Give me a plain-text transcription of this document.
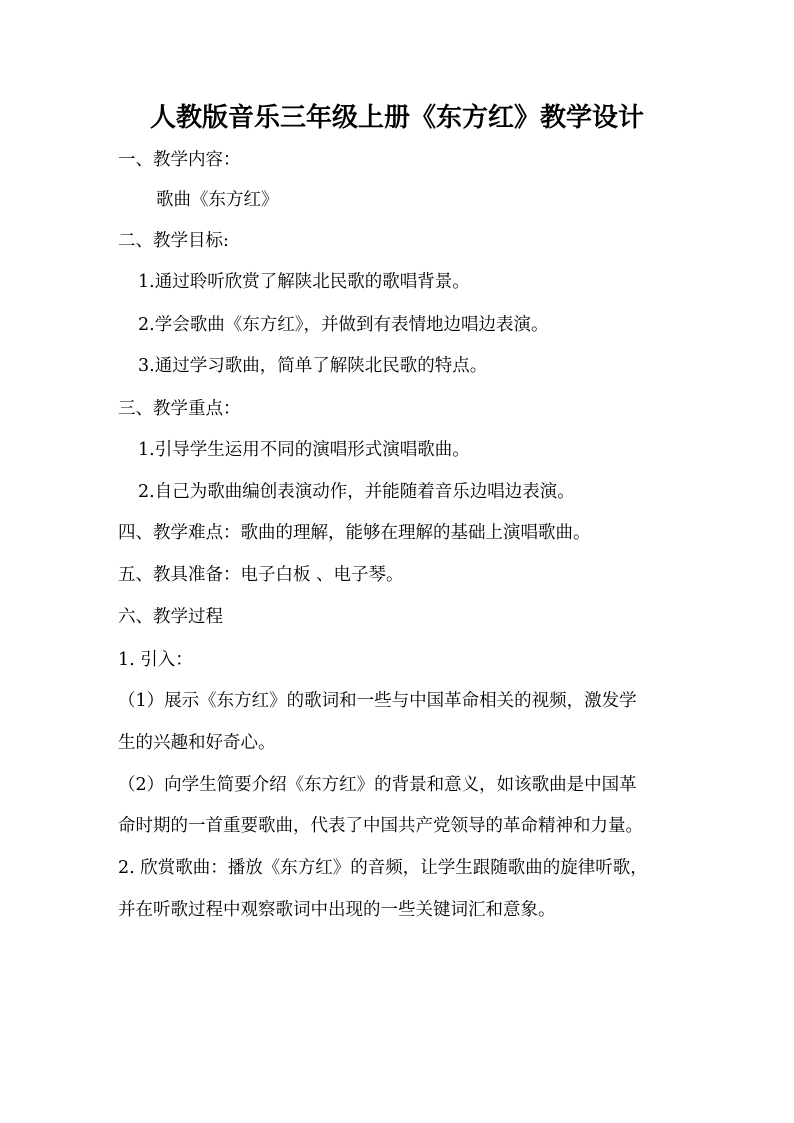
人教版音乐三年级上册《东方红》教学设计
一、教学内容：
歌曲《东方红》
二、教学目标:
1.通过聆听欣赏了解陕北民歌的歌唱背景。
2.学会歌曲《东方红》，并做到有表情地边唱边表演。
3.通过学习歌曲，简单了解陕北民歌的特点。
三、教学重点：
1.引导学生运用不同的演唱形式演唱歌曲。
2.自己为歌曲编创表演动作，并能随着音乐边唱边表演。
四、教学难点：歌曲的理解，能够在理解的基础上演唱歌曲。
五、教具准备：电子白板 、电子琴。
六、教学过程
1. 引入：
（1）展示《东方红》的歌词和一些与中国革命相关的视频，激发学
生的兴趣和好奇心。
（2）向学生简要介绍《东方红》的背景和意义，如该歌曲是中国革
命时期的一首重要歌曲，代表了中国共产党领导的革命精神和力量。
2. 欣赏歌曲：播放《东方红》的音频，让学生跟随歌曲的旋律听歌，
并在听歌过程中观察歌词中出现的一些关键词汇和意象。
